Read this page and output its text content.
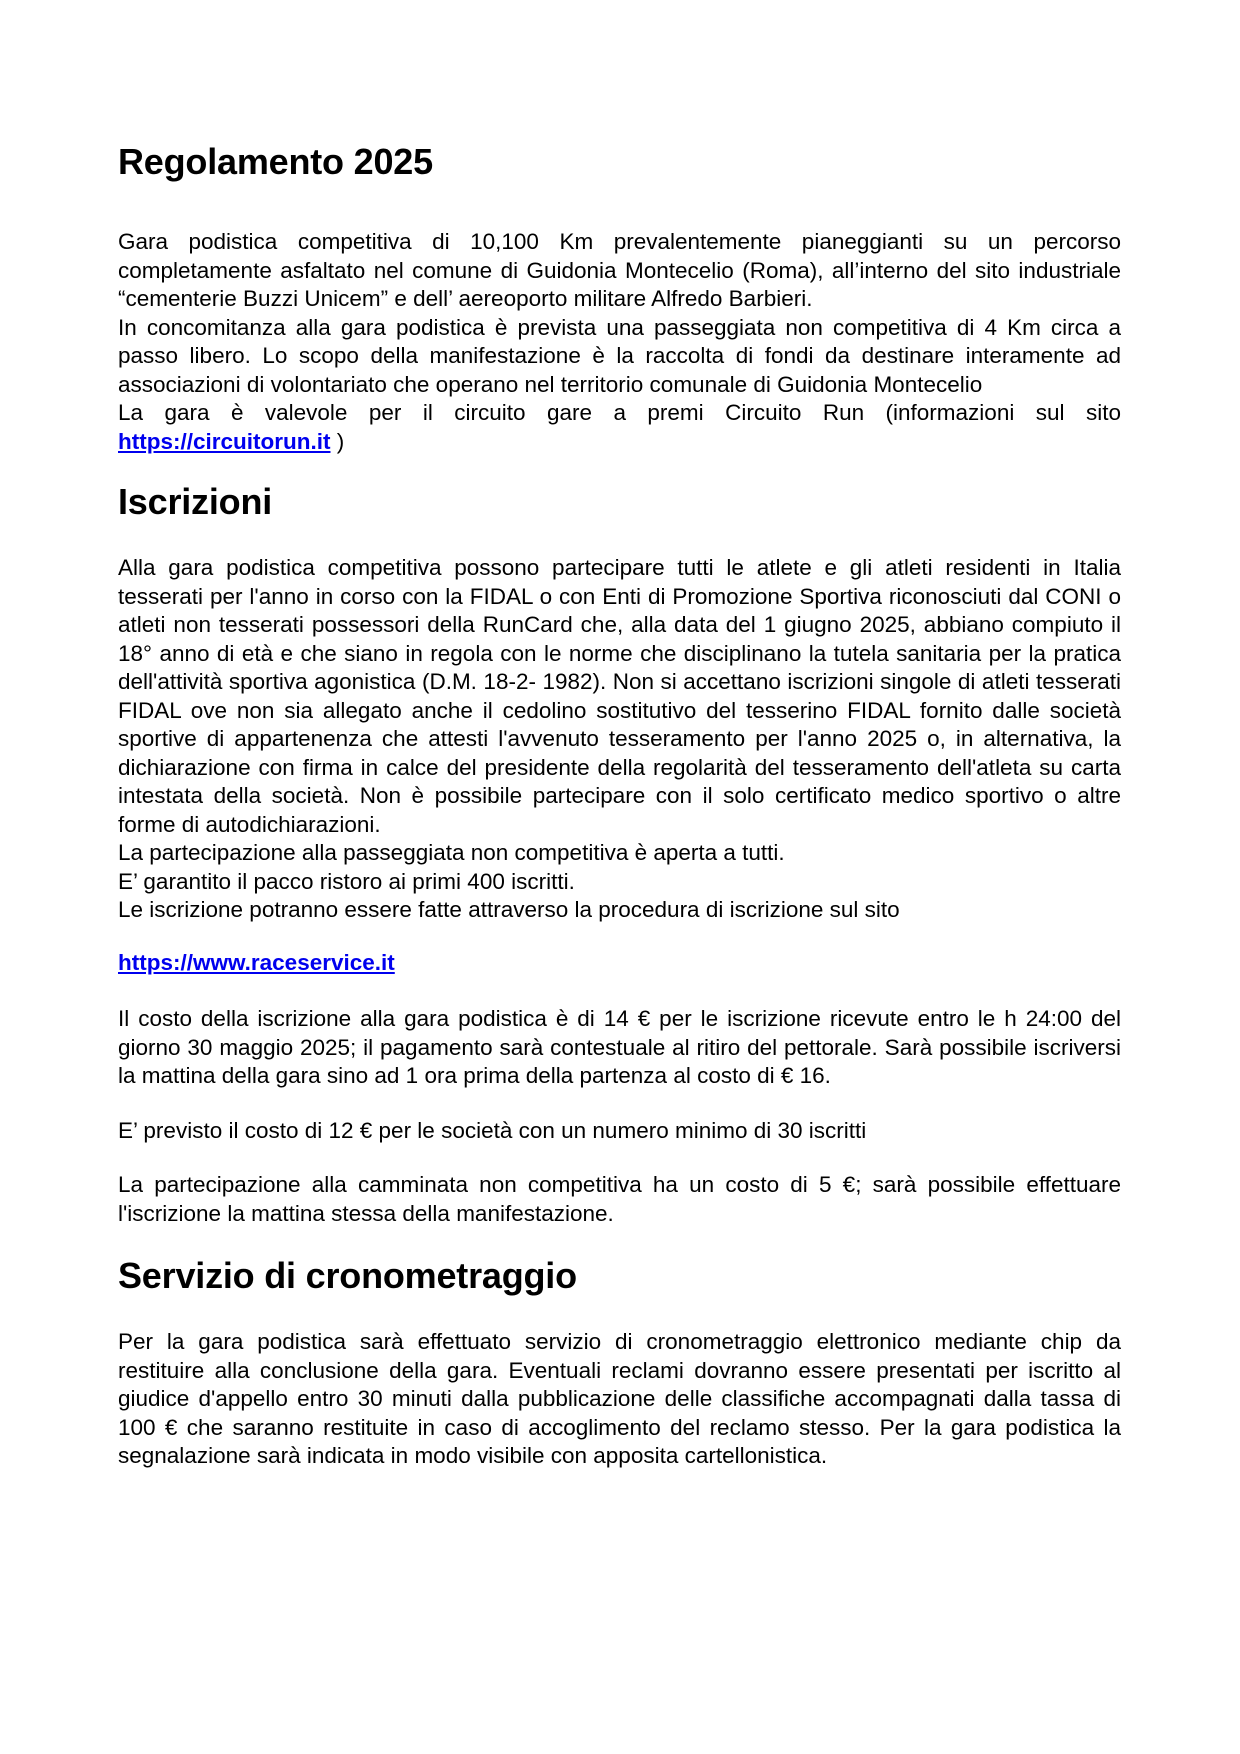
Regolamento 2025

Gara podistica competitiva di 10,100 Km prevalentemente pianeggianti su un percorso completamente asfaltato nel comune di Guidonia Montecelio (Roma), all’interno del sito industriale “cementerie Buzzi Unicem” e dell’ aereoporto militare Alfredo Barbieri.

In concomitanza alla gara podistica è prevista una passeggiata non competitiva di 4 Km circa a passo libero. Lo scopo della manifestazione è la raccolta di fondi da destinare interamente ad associazioni di volontariato che operano nel territorio comunale di Guidonia Montecelio

La gara è valevole per il circuito gare a premi Circuito Run (informazioni sul sito https://circuitorun.it )

Iscrizioni

Alla gara podistica competitiva possono partecipare tutti le atlete e gli atleti residenti in Italia tesserati per l'anno in corso con la FIDAL o con Enti di Promozione Sportiva riconosciuti dal CONI o atleti non tesserati possessori della RunCard che, alla data del 1 giugno 2025, abbiano compiuto il 18° anno di età e che siano in regola con le norme che disciplinano la tutela sanitaria per la pratica dell'attività sportiva agonistica (D.M. 18-2- 1982). Non si accettano iscrizioni singole di atleti tesserati FIDAL ove non sia allegato anche il cedolino sostitutivo del tesserino FIDAL fornito dalle società sportive di appartenenza che attesti l'avvenuto tesseramento per l'anno 2025 o, in alternativa, la dichiarazione con firma in calce del presidente della regolarità del tesseramento dell'atleta su carta intestata della società. Non è possibile partecipare con il solo certificato medico sportivo o altre forme di autodichiarazioni.

La partecipazione alla passeggiata non competitiva è aperta a tutti.

E’ garantito il pacco ristoro ai primi 400 iscritti.

Le iscrizione potranno essere fatte attraverso la procedura di iscrizione sul sito

https://www.raceservice.it

Il costo della iscrizione alla gara podistica è di 14 € per le iscrizione ricevute entro le h 24:00 del giorno 30 maggio 2025; il pagamento sarà contestuale al ritiro del pettorale. Sarà possibile iscriversi la mattina della gara sino ad 1 ora prima della partenza al costo di € 16.

E’ previsto il costo di 12 € per le società con un numero minimo di 30 iscritti

La partecipazione alla camminata non competitiva ha un costo di 5 €; sarà possibile effettuare l'iscrizione la mattina stessa della manifestazione.

Servizio di cronometraggio

Per la gara podistica sarà effettuato servizio di cronometraggio elettronico mediante chip da restituire alla conclusione della gara. Eventuali reclami dovranno essere presentati per iscritto al giudice d'appello entro 30 minuti dalla pubblicazione delle classifiche accompagnati dalla tassa di 100 € che saranno restituite in caso di accoglimento del reclamo stesso. Per la gara podistica la segnalazione sarà indicata in modo visibile con apposita cartellonistica.
